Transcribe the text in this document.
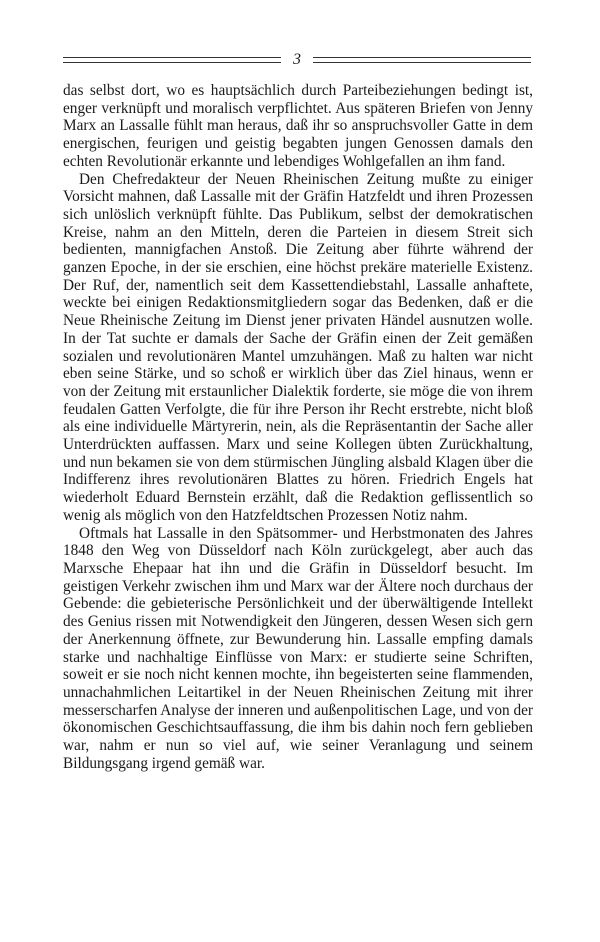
3

das selbst dort, wo es hauptsächlich durch Parteibeziehungen bedingt ist, enger verknüpft und moralisch verpflichtet. Aus späteren Briefen von Jenny Marx an Lassalle fühlt man heraus, daß ihr so anspruchsvoller Gatte in dem energischen, feurigen und geistig begabten jungen Genossen damals den echten Revolutionär erkannte und lebendiges Wohlgefallen an ihm fand.

Den Chefredakteur der Neuen Rheinischen Zeitung mußte zu einiger Vorsicht mahnen, daß Lassalle mit der Gräfin Hatzfeldt und ihren Prozessen sich unlöslich verknüpft fühlte. Das Publikum, selbst der demokratischen Kreise, nahm an den Mitteln, deren die Parteien in diesem Streit sich bedienten, mannigfachen Anstoß. Die Zeitung aber führte während der ganzen Epoche, in der sie erschien, eine höchst prekäre materielle Existenz. Der Ruf, der, namentlich seit dem Kassettendiebstahl, Lassalle anhaftete, weckte bei einigen Redaktionsmitgliedern sogar das Bedenken, daß er die Neue Rheinische Zeitung im Dienst jener privaten Händel ausnutzen wolle. In der Tat suchte er damals der Sache der Gräfin einen der Zeit gemäßen sozialen und revolutionären Mantel umzuhängen. Maß zu halten war nicht eben seine Stärke, und so schoß er wirklich über das Ziel hinaus, wenn er von der Zeitung mit erstaunlicher Dialektik forderte, sie möge die von ihrem feudalen Gatten Verfolgte, die für ihre Person ihr Recht erstrebte, nicht bloß als eine individuelle Märtyrerin, nein, als die Repräsentantin der Sache aller Unterdrückten auffassen. Marx und seine Kollegen übten Zurückhaltung, und nun bekamen sie von dem stürmischen Jüngling alsbald Klagen über die Indifferenz ihres revolutionären Blattes zu hören. Friedrich Engels hat wiederholt Eduard Bernstein erzählt, daß die Redaktion geflissentlich so wenig als möglich von den Hatzfeldtschen Prozessen Notiz nahm.

Oftmals hat Lassalle in den Spätsommer- und Herbstmonaten des Jahres 1848 den Weg von Düsseldorf nach Köln zurückgelegt, aber auch das Marxsche Ehepaar hat ihn und die Gräfin in Düsseldorf besucht. Im geistigen Verkehr zwischen ihm und Marx war der Ältere noch durchaus der Gebende: die gebieterische Persönlichkeit und der überwältigende Intellekt des Genius rissen mit Notwendigkeit den Jüngeren, dessen Wesen sich gern der Anerkennung öffnete, zur Bewunderung hin. Lassalle empfing damals starke und nachhaltige Einflüsse von Marx: er studierte seine Schriften, soweit er sie noch nicht kennen mochte, ihn begeisterten seine flammenden, unnachahmlichen Leitartikel in der Neuen Rheinischen Zeitung mit ihrer messerscharfen Analyse der inneren und außenpolitischen Lage, und von der ökonomischen Geschichtsauffassung, die ihm bis dahin noch fern geblieben war, nahm er nun so viel auf, wie seiner Veranlagung und seinem Bildungsgang irgend gemäß war.
